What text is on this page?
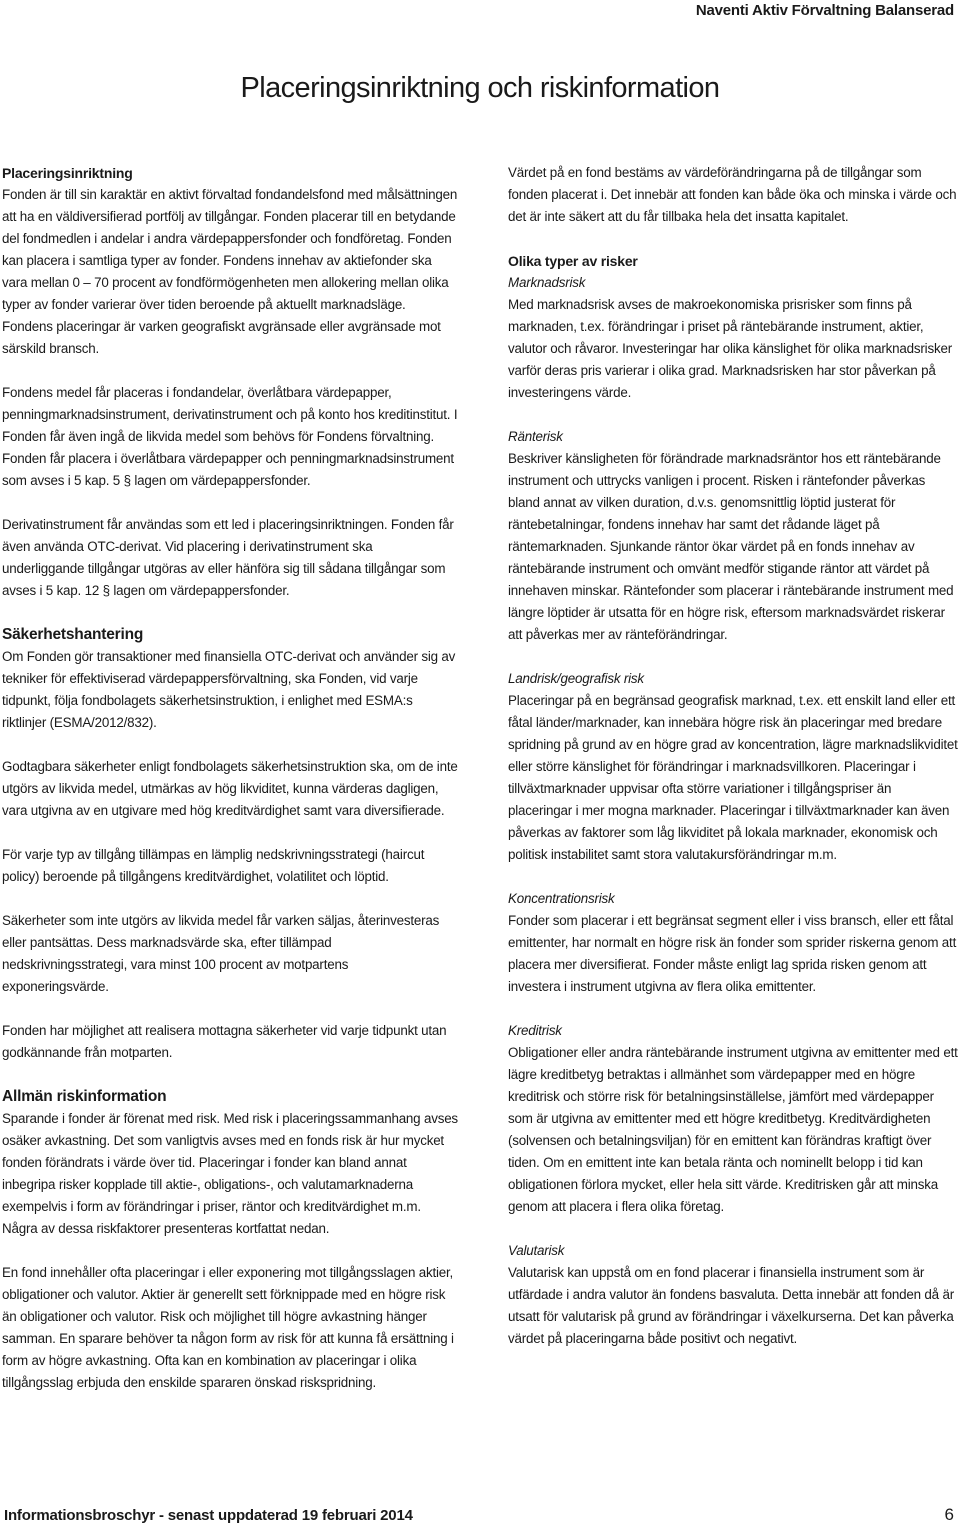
Naventi Aktiv Förvaltning Balanserad
Placeringsinriktning och riskinformation
Placeringsinriktning

Fonden är till sin karaktär en aktivt förvaltad fondandelsfond med målsättningen att ha en väldiversifierad portfölj av tillgångar. Fonden placerar till en betydande del fondmedlen i andelar i andra värdepappersfonder och fondföretag. Fonden kan placera i samtliga typer av fonder. Fondens innehav av aktiefonder ska vara mellan 0 – 70 procent av fondförmögenheten men allokering mellan olika typer av fonder varierar över tiden beroende på aktuellt marknadsläge. Fondens placeringar är varken geografiskt avgränsade eller avgränsade mot särskild bransch.

Fondens medel får placeras i fondandelar, överlåtbara värdepapper, penningmarknadsinstrument, derivatinstrument och på konto hos kreditinstitut. I Fonden får även ingå de likvida medel som behövs för Fondens förvaltning. Fonden får placera i överlåtbara värdepapper och penningmarknadsinstrument som avses i 5 kap. 5 § lagen om värdepappersfonder.

Derivatinstrument får användas som ett led i placeringsinriktningen. Fonden får även använda OTC-derivat. Vid placering i derivatinstrument ska underliggande tillgångar utgöras av eller hänföra sig till sådana tillgångar som avses i 5 kap. 12 § lagen om värdepappersfonder.

Säkerhetshantering

Om Fonden gör transaktioner med finansiella OTC-derivat och använder sig av tekniker för effektiviserad värdepappersförvaltning, ska Fonden, vid varje tidpunkt, följa fondbolagets säkerhetsinstruktion, i enlighet med ESMA:s riktlinjer (ESMA/2012/832).

Godtagbara säkerheter enligt fondbolagets säkerhetsinstruktion ska, om de inte utgörs av likvida medel, utmärkas av hög likviditet, kunna värderas dagligen, vara utgivna av en utgivare med hög kreditvärdighet samt vara diversifierade.

För varje typ av tillgång tillämpas en lämplig nedskrivningsstrategi (haircut policy) beroende på tillgångens kreditvärdighet, volatilitet och löptid.

Säkerheter som inte utgörs av likvida medel får varken säljas, återinvesteras eller pantsättas. Dess marknadsvärde ska, efter tillämpad nedskrivningsstrategi, vara minst 100 procent av motpartens exponeringsvärde.

Fonden har möjlighet att realisera mottagna säkerheter vid varje tidpunkt utan godkännande från motparten.

Allmän riskinformation

Sparande i fonder är förenat med risk. Med risk i placeringssammanhang avses osäker avkastning. Det som vanligtvis avses med en fonds risk är hur mycket fonden förändrats i värde över tid. Placeringar i fonder kan bland annat inbegripa risker kopplade till aktie-, obligations-, och valutamarknaderna exempelvis i form av förändringar i priser, räntor och kreditvärdighet m.m. Några av dessa riskfaktorer presenteras kortfattat nedan.

En fond innehåller ofta placeringar i eller exponering mot tillgångsslagen aktier, obligationer och valutor. Aktier är generellt sett förknippade med en högre risk än obligationer och valutor. Risk och möjlighet till högre avkastning hänger samman. En sparare behöver ta någon form av risk för att kunna få ersättning i form av högre avkastning. Ofta kan en kombination av placeringar i olika tillgångsslag erbjuda den enskilde spararen önskad riskspridning.

Värdet på en fond bestäms av värdeförändringarna på de tillgångar som fonden placerat i. Det innebär att fonden kan både öka och minska i värde och det är inte säkert att du får tillbaka hela det insatta kapitalet.

Olika typer av risker
Marknadsrisk

Med marknadsrisk avses de makroekonomiska prisrisker som finns på marknaden, t.ex. förändringar i priset på räntebärande instrument, aktier, valutor och råvaror. Investeringar har olika känslighet för olika marknadsrisker varför deras pris varierar i olika grad. Marknadsrisken har stor påverkan på investeringens värde.

Ränterisk

Beskriver känsligheten för förändrade marknadsräntor hos ett räntebärande instrument och uttrycks vanligen i procent. Risken i räntefonder påverkas bland annat av vilken duration, d.v.s. genomsnittlig löptid justerat för räntebetalningar, fondens innehav har samt det rådande läget på räntemarknaden. Sjunkande räntor ökar värdet på en fonds innehav av räntebärande instrument och omvänt medför stigande räntor att värdet på innehaven minskar. Räntefonder som placerar i räntebärande instrument med längre löptider är utsatta för en högre risk, eftersom marknadsvärdet riskerar att påverkas mer av ränteförändringar.

Landrisk/geografisk risk

Placeringar på en begränsad geografisk marknad, t.ex. ett enskilt land eller ett fåtal länder/marknader, kan innebära högre risk än placeringar med bredare spridning på grund av en högre grad av koncentration, lägre marknadslikviditet eller större känslighet för förändringar i marknadsvillkoren. Placeringar i tillväxtmarknader uppvisar ofta större variationer i tillgångspriser än placeringar i mer mogna marknader. Placeringar i tillväxtmarknader kan även påverkas av faktorer som låg likviditet på lokala marknader, ekonomisk och politisk instabilitet samt stora valutakursförändringar m.m.

Koncentrationsrisk

Fonder som placerar i ett begränsat segment eller i viss bransch, eller ett fåtal emittenter, har normalt en högre risk än fonder som sprider riskerna genom att placera mer diversifierat. Fonder måste enligt lag sprida risken genom att investera i instrument utgivna av flera olika emittenter.

Kreditrisk

Obligationer eller andra räntebärande instrument utgivna av emittenter med ett lägre kreditbetyg betraktas i allmänhet som värdepapper med en högre kreditrisk och större risk för betalningsinställelse, jämfört med värdepapper som är utgivna av emittenter med ett högre kreditbetyg. Kreditvärdigheten (solvensen och betalningsviljan) för en emittent kan förändras kraftigt över tiden. Om en emittent inte kan betala ränta och nominellt belopp i tid kan obligationen förlora mycket, eller hela sitt värde. Kreditrisken går att minska genom att placera i flera olika företag.

Valutarisk

Valutarisk kan uppstå om en fond placerar i finansiella instrument som är utfärdade i andra valutor än fondens basvaluta. Detta innebär att fonden då är utsatt för valutarisk på grund av förändringar i växelkurserna. Det kan påverka värdet på placeringarna både positivt och negativt.

Informationsbroschyr - senast uppdaterad 19 februari 2014	6
